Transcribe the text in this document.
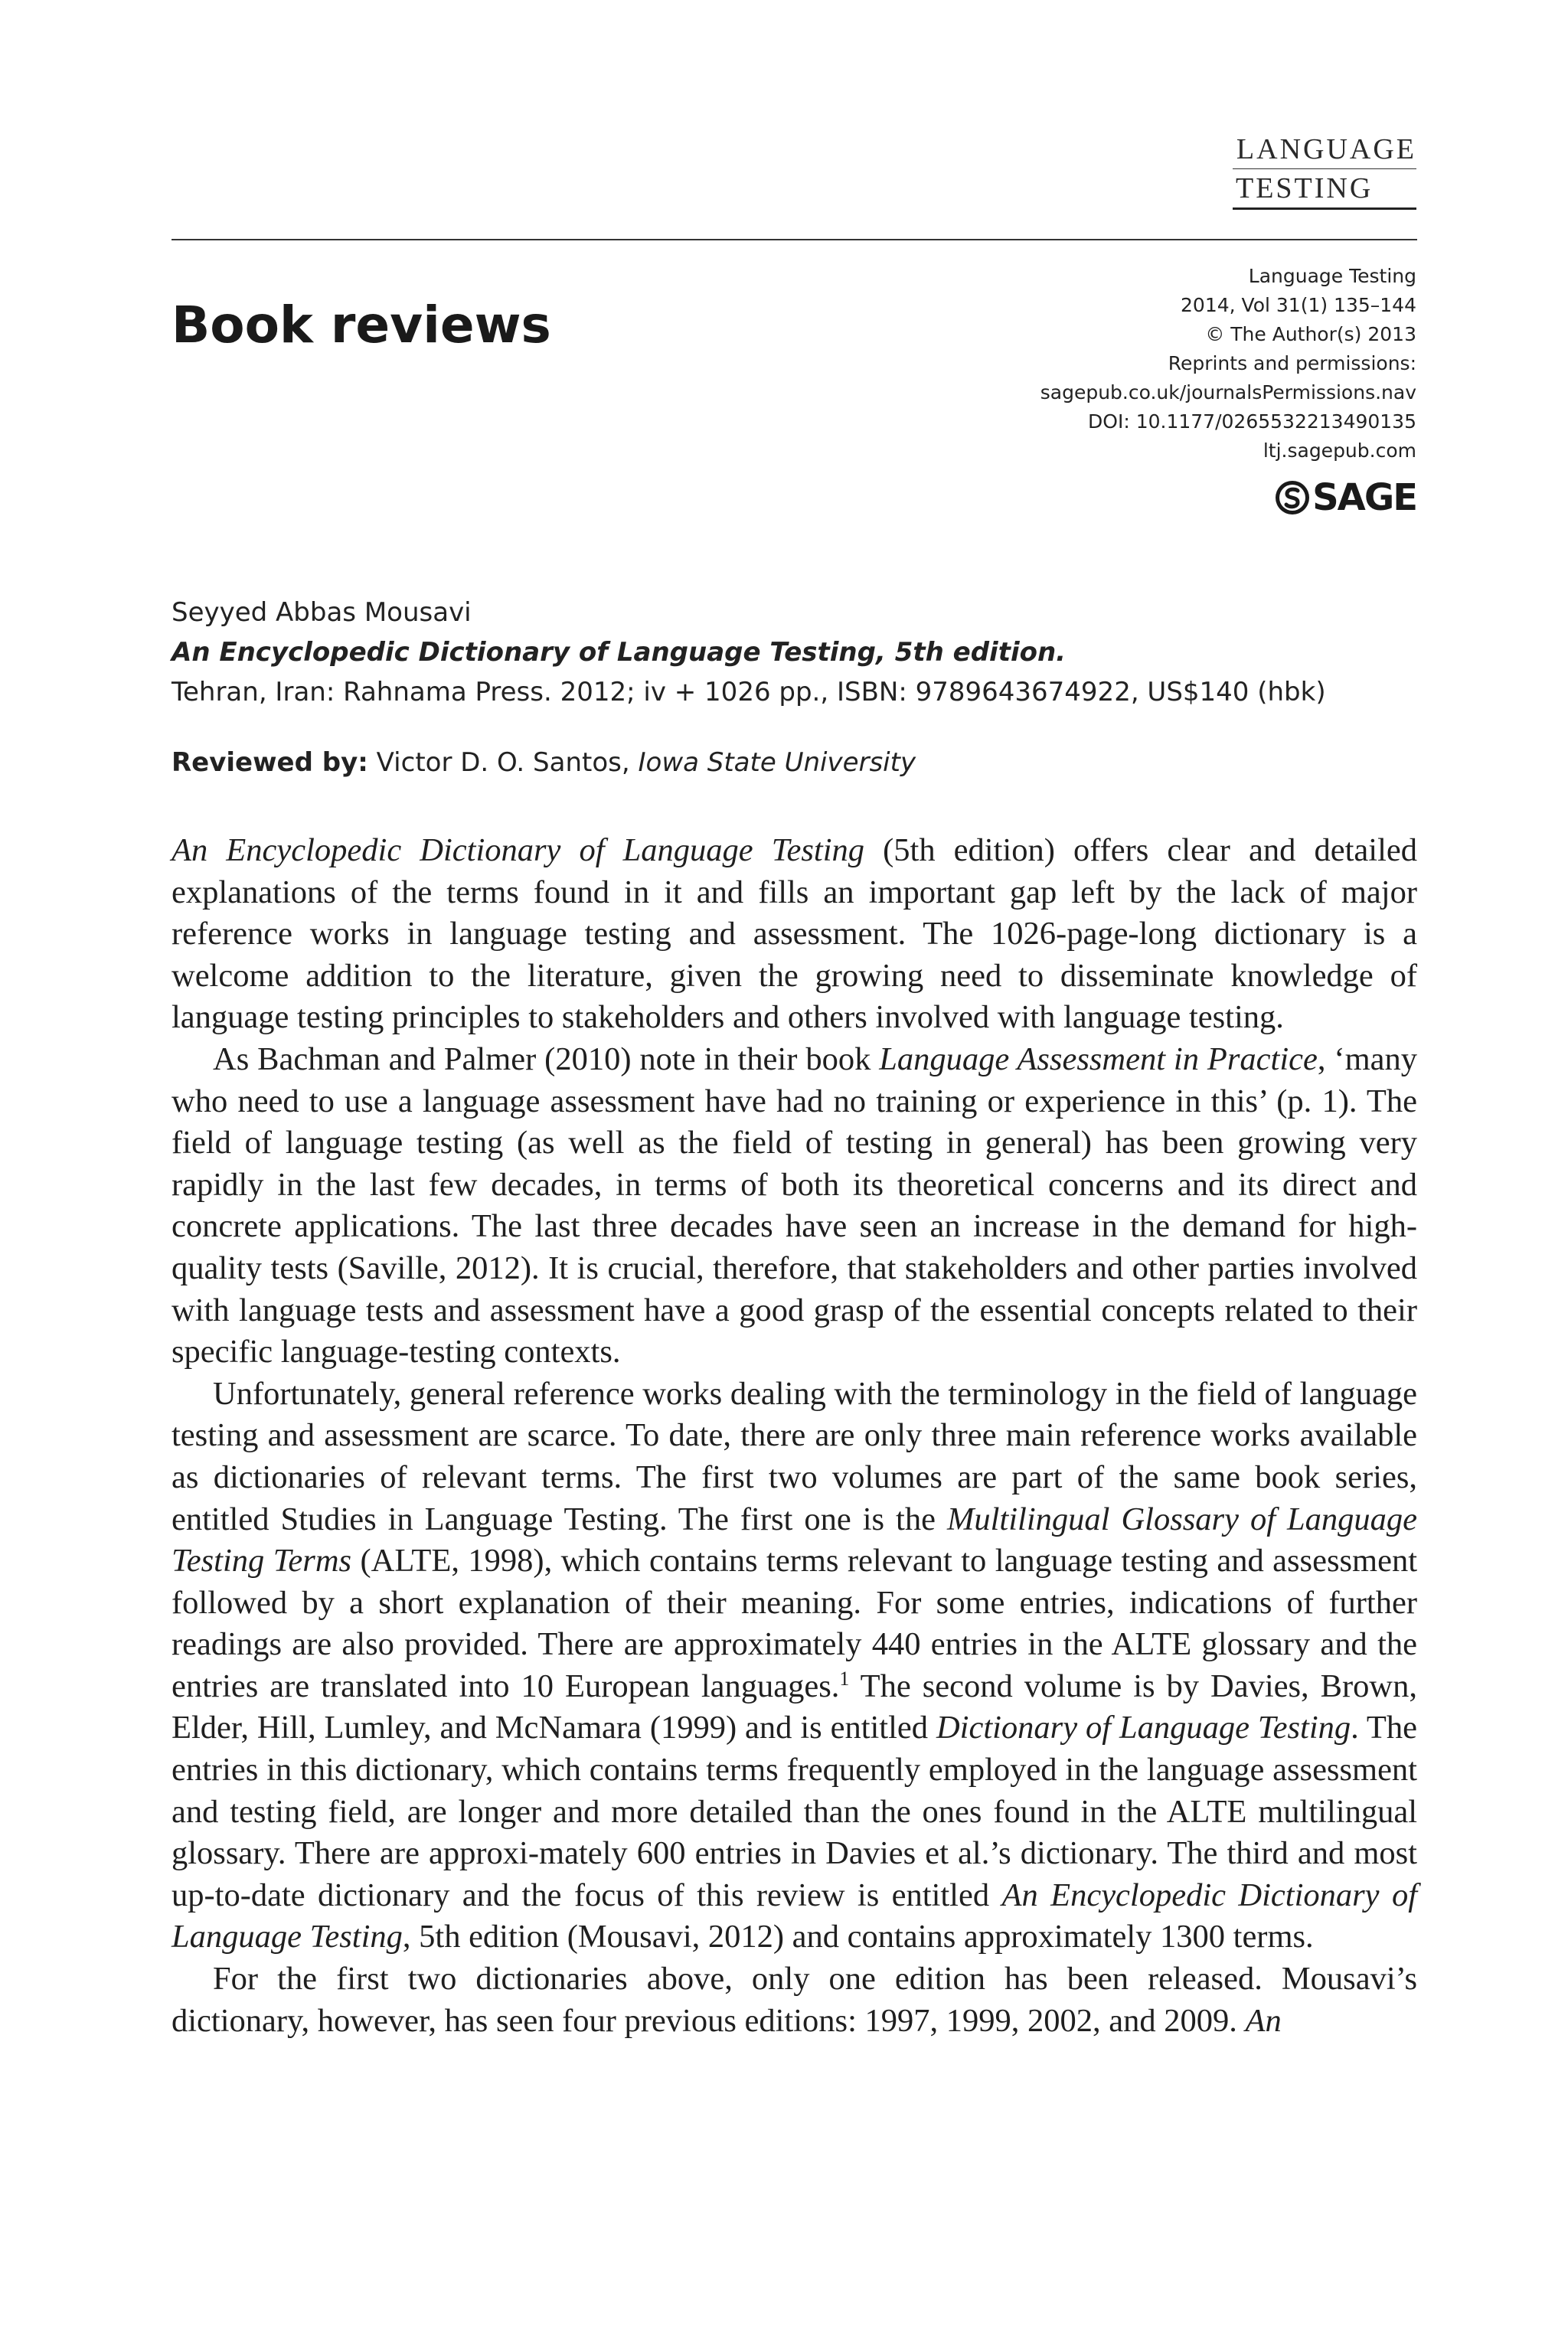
LANGUAGE
TESTING
Book reviews
Language Testing
2014, Vol 31(1) 135–144
© The Author(s) 2013
Reprints and permissions:
sagepub.co.uk/journalsPermissions.nav
DOI: 10.1177/0265532213490135
ltj.sagepub.com
SAGE
Seyyed Abbas Mousavi
An Encyclopedic Dictionary of Language Testing, 5th edition.
Tehran, Iran: Rahnama Press. 2012; iv + 1026 pp., ISBN: 9789643674922, US$140 (hbk)
Reviewed by: Victor D. O. Santos, Iowa State University

An Encyclopedic Dictionary of Language Testing (5th edition) offers clear and detailed explanations of the terms found in it and fills an important gap left by the lack of major reference works in language testing and assessment. The 1026-page-long dictionary is a welcome addition to the literature, given the growing need to disseminate knowledge of language testing principles to stakeholders and others involved with language testing.

As Bachman and Palmer (2010) note in their book Language Assessment in Practice, ‘many who need to use a language assessment have had no training or experience in this’ (p. 1). The field of language testing (as well as the field of testing in general) has been growing very rapidly in the last few decades, in terms of both its theoretical concerns and its direct and concrete applications. The last three decades have seen an increase in the demand for high-quality tests (Saville, 2012). It is crucial, therefore, that stakeholders and other parties involved with language tests and assessment have a good grasp of the essential concepts related to their specific language-testing contexts.

Unfortunately, general reference works dealing with the terminology in the field of language testing and assessment are scarce. To date, there are only three main reference works available as dictionaries of relevant terms. The first two volumes are part of the same book series, entitled Studies in Language Testing. The first one is the Multilingual Glossary of Language Testing Terms (ALTE, 1998), which contains terms relevant to language testing and assessment followed by a short explanation of their meaning. For some entries, indications of further readings are also provided. There are approximately 440 entries in the ALTE glossary and the entries are translated into 10 European languages.$^1$ The second volume is by Davies, Brown, Elder, Hill, Lumley, and McNamara (1999) and is entitled Dictionary of Language Testing. The entries in this dictionary, which contains terms frequently employed in the language assessment and testing field, are longer and more detailed than the ones found in the ALTE multilingual glossary. There are approxi-mately 600 entries in Davies et al.’s dictionary. The third and most up-to-date dictionary and the focus of this review is entitled An Encyclopedic Dictionary of Language Testing, 5th edition (Mousavi, 2012) and contains approximately 1300 terms.

For the first two dictionaries above, only one edition has been released. Mousavi’s dictionary, however, has seen four previous editions: 1997, 1999, 2002, and 2009. An
